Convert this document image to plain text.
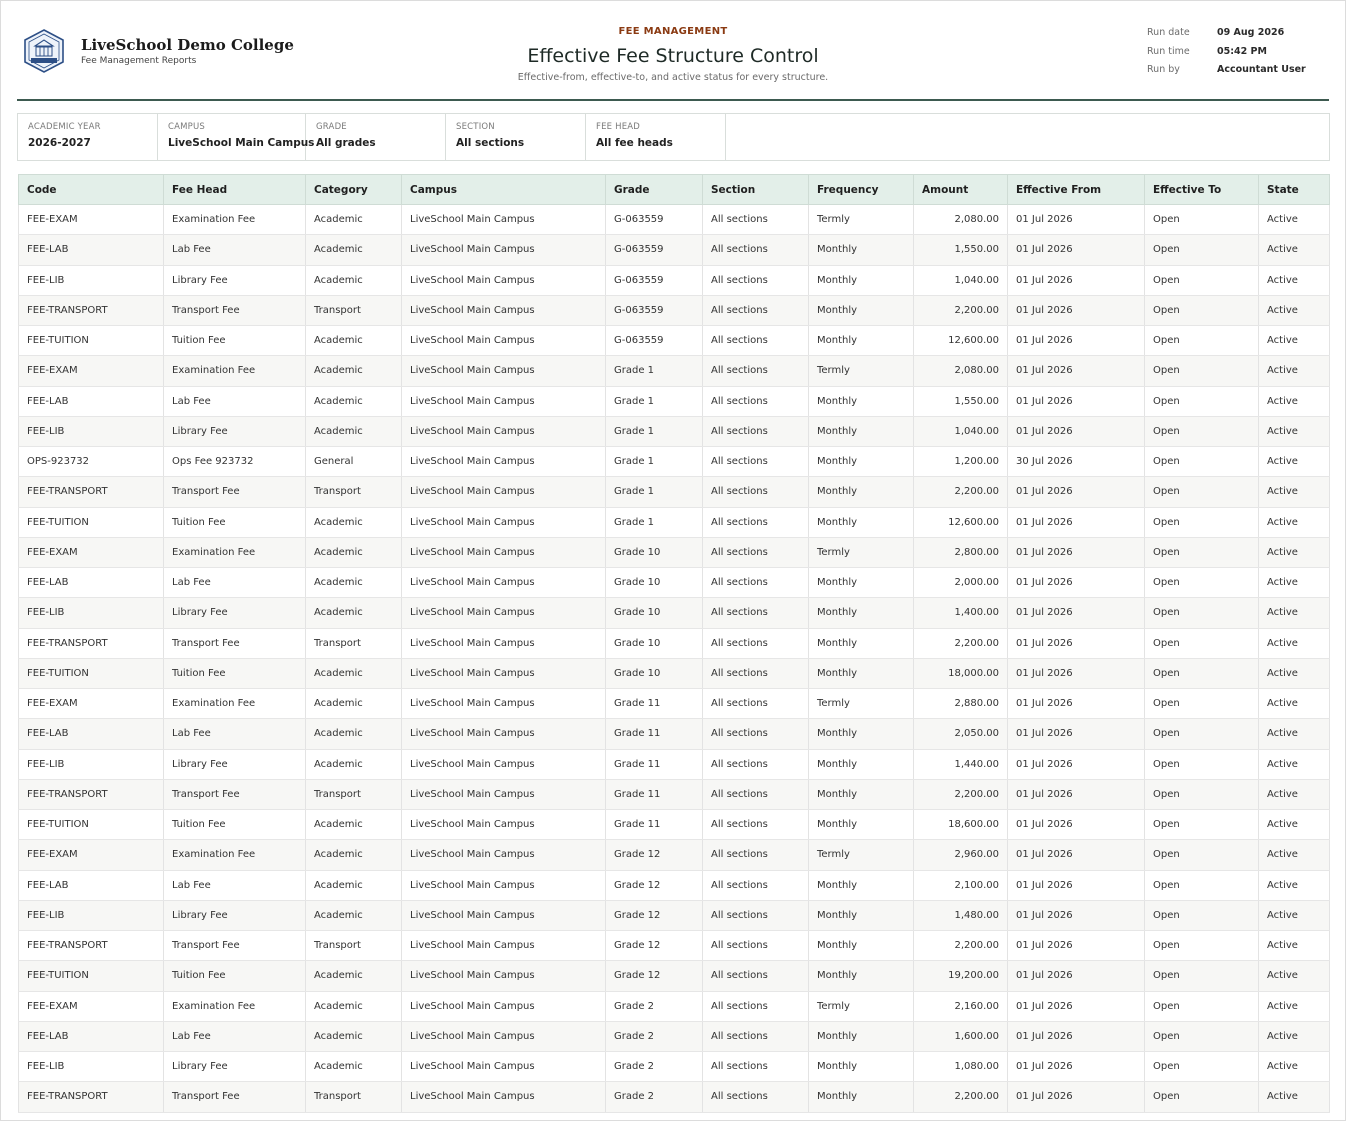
LiveSchool Demo College
Fee Management Reports
FEE MANAGEMENT
Effective Fee Structure Control
Effective-from, effective-to, and active status for every structure.
Run date	09 Aug 2026
Run time	05:42 PM
Run by	Accountant User
ACADEMIC YEAR
2026-2027
CAMPUS
LiveSchool Main Campus
GRADE
All grades
SECTION
All sections
FEE HEAD
All fee heads
Code	Fee Head	Category	Campus	Grade	Section	Frequency	Amount	Effective From	Effective To	State
FEE-EXAM	Examination Fee	Academic	LiveSchool Main Campus	G-063559	All sections	Termly	2,080.00	01 Jul 2026	Open	Active
FEE-LAB	Lab Fee	Academic	LiveSchool Main Campus	G-063559	All sections	Monthly	1,550.00	01 Jul 2026	Open	Active
FEE-LIB	Library Fee	Academic	LiveSchool Main Campus	G-063559	All sections	Monthly	1,040.00	01 Jul 2026	Open	Active
FEE-TRANSPORT	Transport Fee	Transport	LiveSchool Main Campus	G-063559	All sections	Monthly	2,200.00	01 Jul 2026	Open	Active
FEE-TUITION	Tuition Fee	Academic	LiveSchool Main Campus	G-063559	All sections	Monthly	12,600.00	01 Jul 2026	Open	Active
FEE-EXAM	Examination Fee	Academic	LiveSchool Main Campus	Grade 1	All sections	Termly	2,080.00	01 Jul 2026	Open	Active
FEE-LAB	Lab Fee	Academic	LiveSchool Main Campus	Grade 1	All sections	Monthly	1,550.00	01 Jul 2026	Open	Active
FEE-LIB	Library Fee	Academic	LiveSchool Main Campus	Grade 1	All sections	Monthly	1,040.00	01 Jul 2026	Open	Active
OPS-923732	Ops Fee 923732	General	LiveSchool Main Campus	Grade 1	All sections	Monthly	1,200.00	30 Jul 2026	Open	Active
FEE-TRANSPORT	Transport Fee	Transport	LiveSchool Main Campus	Grade 1	All sections	Monthly	2,200.00	01 Jul 2026	Open	Active
FEE-TUITION	Tuition Fee	Academic	LiveSchool Main Campus	Grade 1	All sections	Monthly	12,600.00	01 Jul 2026	Open	Active
FEE-EXAM	Examination Fee	Academic	LiveSchool Main Campus	Grade 10	All sections	Termly	2,800.00	01 Jul 2026	Open	Active
FEE-LAB	Lab Fee	Academic	LiveSchool Main Campus	Grade 10	All sections	Monthly	2,000.00	01 Jul 2026	Open	Active
FEE-LIB	Library Fee	Academic	LiveSchool Main Campus	Grade 10	All sections	Monthly	1,400.00	01 Jul 2026	Open	Active
FEE-TRANSPORT	Transport Fee	Transport	LiveSchool Main Campus	Grade 10	All sections	Monthly	2,200.00	01 Jul 2026	Open	Active
FEE-TUITION	Tuition Fee	Academic	LiveSchool Main Campus	Grade 10	All sections	Monthly	18,000.00	01 Jul 2026	Open	Active
FEE-EXAM	Examination Fee	Academic	LiveSchool Main Campus	Grade 11	All sections	Termly	2,880.00	01 Jul 2026	Open	Active
FEE-LAB	Lab Fee	Academic	LiveSchool Main Campus	Grade 11	All sections	Monthly	2,050.00	01 Jul 2026	Open	Active
FEE-LIB	Library Fee	Academic	LiveSchool Main Campus	Grade 11	All sections	Monthly	1,440.00	01 Jul 2026	Open	Active
FEE-TRANSPORT	Transport Fee	Transport	LiveSchool Main Campus	Grade 11	All sections	Monthly	2,200.00	01 Jul 2026	Open	Active
FEE-TUITION	Tuition Fee	Academic	LiveSchool Main Campus	Grade 11	All sections	Monthly	18,600.00	01 Jul 2026	Open	Active
FEE-EXAM	Examination Fee	Academic	LiveSchool Main Campus	Grade 12	All sections	Termly	2,960.00	01 Jul 2026	Open	Active
FEE-LAB	Lab Fee	Academic	LiveSchool Main Campus	Grade 12	All sections	Monthly	2,100.00	01 Jul 2026	Open	Active
FEE-LIB	Library Fee	Academic	LiveSchool Main Campus	Grade 12	All sections	Monthly	1,480.00	01 Jul 2026	Open	Active
FEE-TRANSPORT	Transport Fee	Transport	LiveSchool Main Campus	Grade 12	All sections	Monthly	2,200.00	01 Jul 2026	Open	Active
FEE-TUITION	Tuition Fee	Academic	LiveSchool Main Campus	Grade 12	All sections	Monthly	19,200.00	01 Jul 2026	Open	Active
FEE-EXAM	Examination Fee	Academic	LiveSchool Main Campus	Grade 2	All sections	Termly	2,160.00	01 Jul 2026	Open	Active
FEE-LAB	Lab Fee	Academic	LiveSchool Main Campus	Grade 2	All sections	Monthly	1,600.00	01 Jul 2026	Open	Active
FEE-LIB	Library Fee	Academic	LiveSchool Main Campus	Grade 2	All sections	Monthly	1,080.00	01 Jul 2026	Open	Active
FEE-TRANSPORT	Transport Fee	Transport	LiveSchool Main Campus	Grade 2	All sections	Monthly	2,200.00	01 Jul 2026	Open	Active
